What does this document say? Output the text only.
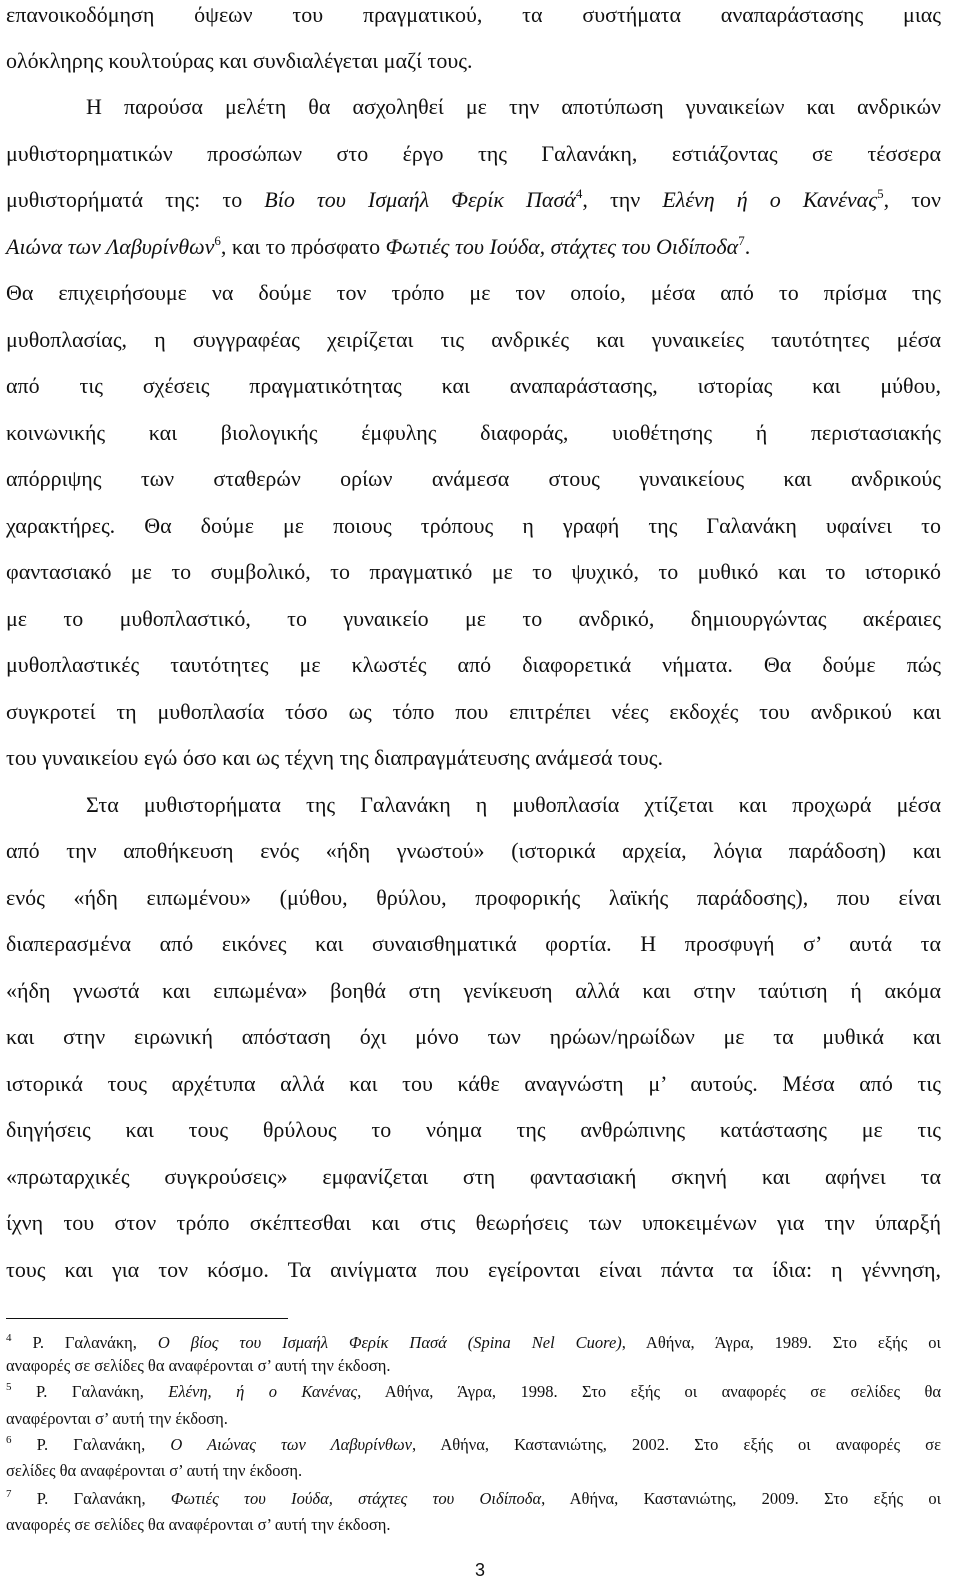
επανοικοδόμηση όψεων του πραγματικού, τα συστήματα αναπαράστασης μιας
ολόκληρης κουλτούρας και συνδιαλέγεται μαζί τους.
Η παρούσα μελέτη θα ασχοληθεί με την αποτύπωση γυναικείων και ανδρικών
μυθιστορηματικών προσώπων στο έργο της Γαλανάκη, εστιάζοντας σε τέσσερα
μυθιστορήματά της: το Βίο του Ισμαήλ Φερίκ Πασά$^4$, την Ελένη ή ο Κανένας$^5$, τον
Αιώνα των Λαβυρίνθων$^6$, και το πρόσφατο Φωτιές του Ιούδα, στάχτες του Οιδίποδα$^7$.
Θα επιχειρήσουμε να δούμε τον τρόπο με τον οποίο, μέσα από το πρίσμα της
μυθοπλασίας, η συγγραφέας χειρίζεται τις ανδρικές και γυναικείες ταυτότητες μέσα
από τις σχέσεις πραγματικότητας και αναπαράστασης, ιστορίας και μύθου,
κοινωνικής και βιολογικής έμφυλης διαφοράς, υιοθέτησης ή περιστασιακής
απόρριψης των σταθερών ορίων ανάμεσα στους γυναικείους και ανδρικούς
χαρακτήρες. Θα δούμε με ποιους τρόπους η γραφή της Γαλανάκη υφαίνει το
φαντασιακό με το συμβολικό, το πραγματικό με το ψυχικό, το μυθικό και το ιστορικό
με το μυθοπλαστικό, το γυναικείο με το ανδρικό, δημιουργώντας ακέραιες
μυθοπλαστικές ταυτότητες με κλωστές από διαφορετικά νήματα. Θα δούμε πώς
συγκροτεί τη μυθοπλασία τόσο ως τόπο που επιτρέπει νέες εκδοχές του ανδρικού και
του γυναικείου εγώ όσο και ως τέχνη της διαπραγμάτευσης ανάμεσά τους.
Στα μυθιστορήματα της Γαλανάκη η μυθοπλασία χτίζεται και προχωρά μέσα
από την αποθήκευση ενός «ήδη γνωστού» (ιστορικά αρχεία, λόγια παράδοση) και
ενός «ήδη ειπωμένου» (μύθου, θρύλου, προφορικής λαϊκής παράδοσης), που είναι
διαπερασμένα από εικόνες και συναισθηματικά φορτία. Η προσφυγή σ’ αυτά τα
«ήδη γνωστά και ειπωμένα» βοηθά στη γενίκευση αλλά και στην ταύτιση ή ακόμα
και στην ειρωνική απόσταση όχι μόνο των ηρώων/ηρωίδων με τα μυθικά και
ιστορικά τους αρχέτυπα αλλά και του κάθε αναγνώστη μ’ αυτούς. Μέσα από τις
διηγήσεις και τους θρύλους το νόημα της ανθρώπινης κατάστασης με τις
«πρωταρχικές συγκρούσεις» εμφανίζεται στη φαντασιακή σκηνή και αφήνει τα
ίχνη του στον τρόπο σκέπτεσθαι και στις θεωρήσεις των υποκειμένων για την ύπαρξή
τους και για τον κόσμο. Τα αινίγματα που εγείρονται είναι πάντα τα ίδια: η γέννηση,
$^4$ Ρ. Γαλανάκη, Ο βίος του Ισμαήλ Φερίκ Πασά (Spina Nel Cuore), Αθήνα, Άγρα, 1989. Στο εξής οι
αναφορές σε σελίδες θα αναφέρονται σ’ αυτή την έκδοση.
$^5$ Ρ. Γαλανάκη, Ελένη, ή ο Κανένας, Αθήνα, Άγρα, 1998. Στο εξής οι αναφορές σε σελίδες θα
αναφέρονται σ’ αυτή την έκδοση.
$^6$ Ρ. Γαλανάκη, Ο Αιώνας των Λαβυρίνθων, Αθήνα, Καστανιώτης, 2002. Στο εξής οι αναφορές σε
σελίδες θα αναφέρονται σ’ αυτή την έκδοση.
$^7$ Ρ. Γαλανάκη, Φωτιές του Ιούδα, στάχτες του Οιδίποδα, Αθήνα, Καστανιώτης, 2009. Στο εξής οι
αναφορές σε σελίδες θα αναφέρονται σ’ αυτή την έκδοση.
3
